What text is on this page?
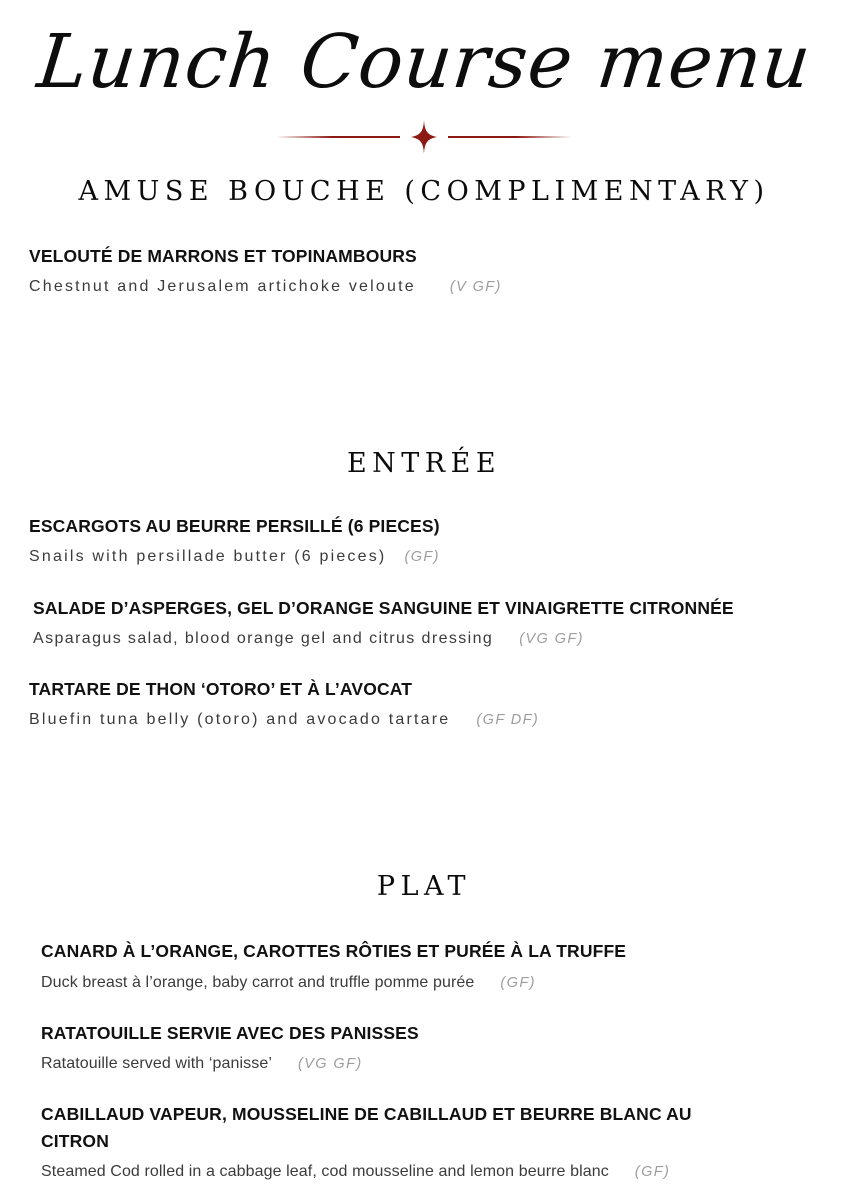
Lunch Course menu
AMUSE BOUCHE (COMPLIMENTARY)

VELOUTÉ DE MARRONS ET TOPINAMBOURS

Chestnut and Jerusalem artichoke veloute (V GF)

ENTRÉE

ESCARGOTS AU BEURRE PERSILLÉ (6 PIECES)

Snails with persillade butter (6 pieces) (GF)

SALADE D’ASPERGES, GEL D’ORANGE SANGUINE ET VINAIGRETTE CITRONNÉE

Asparagus salad, blood orange gel and citrus dressing (VG GF)

TARTARE DE THON ‘OTORO’ ET À L’AVOCAT

Bluefin tuna belly (otoro) and avocado tartare (GF DF)

PLAT

CANARD À L’ORANGE, CAROTTES RÔTIES ET PURÉE À LA TRUFFE

Duck breast à l’orange, baby carrot and truffle pomme purée (GF)

RATATOUILLE SERVIE AVEC DES PANISSES

Ratatouille served with ‘panisse’ (VG GF)

CABILLAUD VAPEUR, MOUSSELINE DE CABILLAUD ET BEURRE BLANC AU CITRON

Steamed Cod rolled in a cabbage leaf, cod mousseline and lemon beurre blanc (GF)
